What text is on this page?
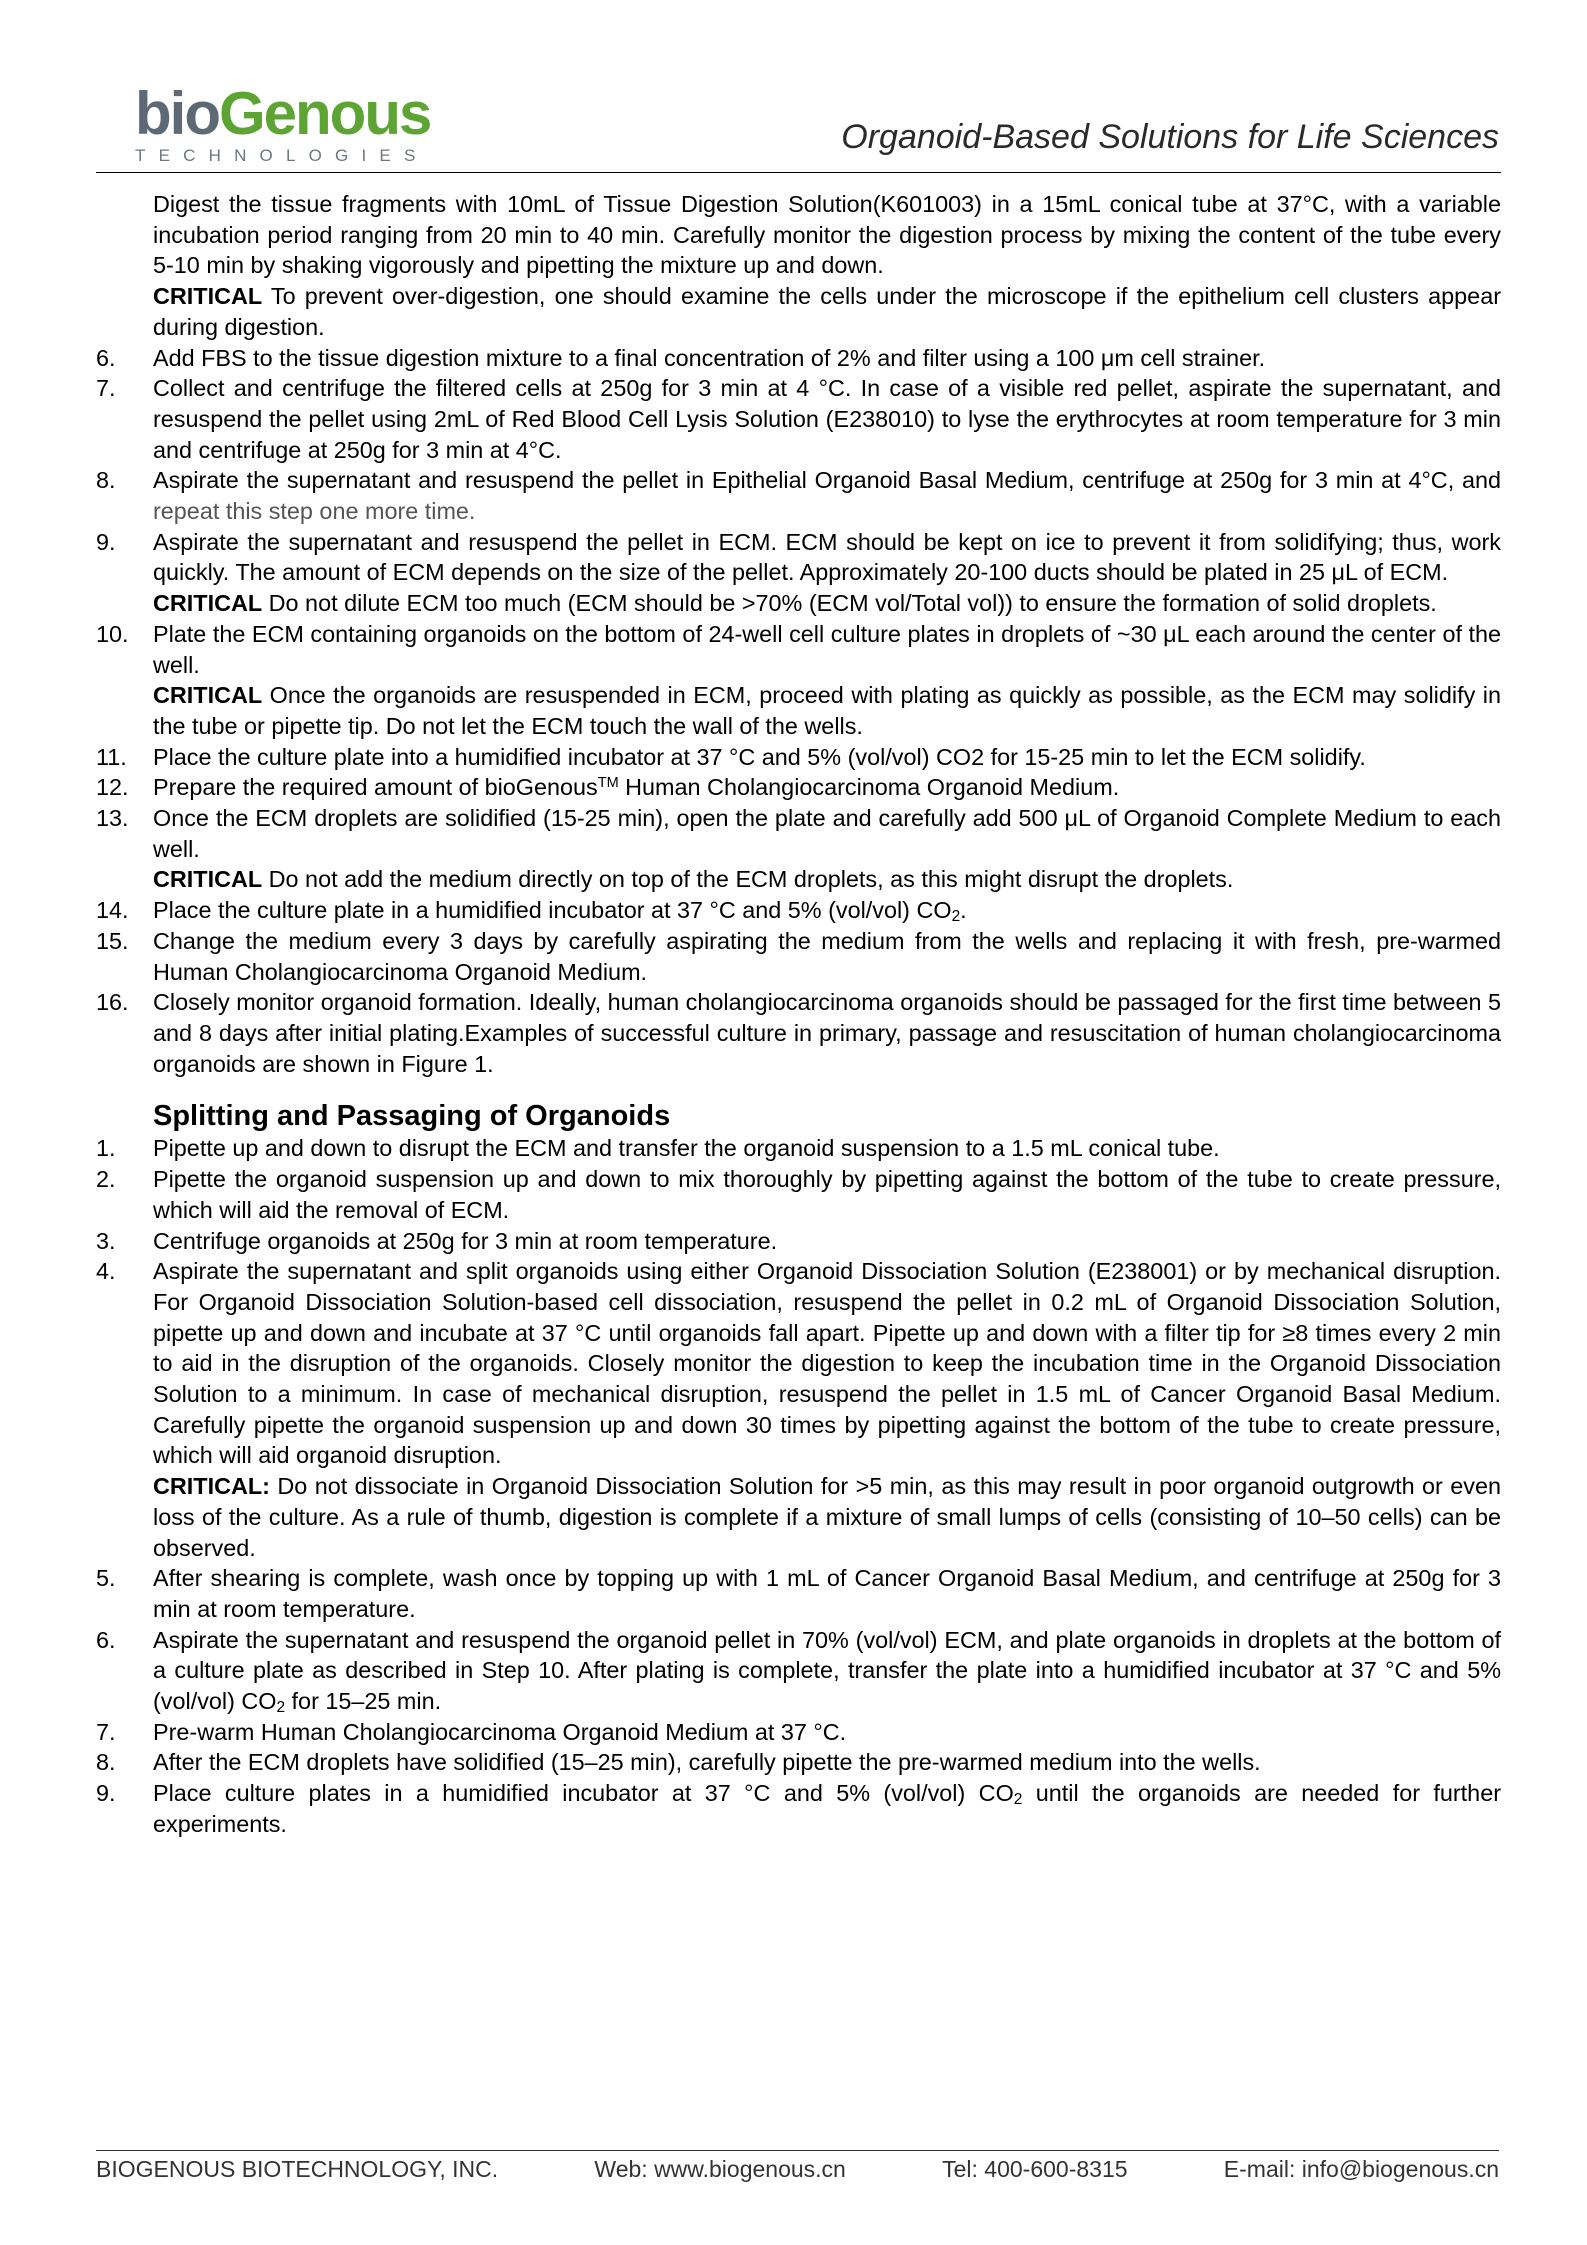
bioGenous
TECHNOLOGIES	Organoid-Based Solutions for Life Sciences
Digest the tissue fragments with 10mL of Tissue Digestion Solution(K601003) in a 15mL conical tube at 37°C, with a variable incubation period ranging from 20 min to 40 min. Carefully monitor the digestion process by mixing the content of the tube every 5-10 min by shaking vigorously and pipetting the mixture up and down.
CRITICAL To prevent over-digestion, one should examine the cells under the microscope if the epithelium cell clusters appear during digestion.
6.	Add FBS to the tissue digestion mixture to a final concentration of 2% and filter using a 100 μm cell strainer.
7.	Collect and centrifuge the filtered cells at 250g for 3 min at 4 °C. In case of a visible red pellet, aspirate the supernatant, and resuspend the pellet using 2mL of Red Blood Cell Lysis Solution (E238010) to lyse the erythrocytes at room temperature for 3 min and centrifuge at 250g for 3 min at 4°C.
8.	Aspirate the supernatant and resuspend the pellet in Epithelial Organoid Basal Medium, centrifuge at 250g for 3 min at 4°C, and repeat this step one more time.
9.	Aspirate the supernatant and resuspend the pellet in ECM. ECM should be kept on ice to prevent it from solidifying; thus, work quickly. The amount of ECM depends on the size of the pellet. Approximately 20-100 ducts should be plated in 25 μL of ECM.
CRITICAL Do not dilute ECM too much (ECM should be >70% (ECM vol/Total vol)) to ensure the formation of solid droplets.
10.	Plate the ECM containing organoids on the bottom of 24-well cell culture plates in droplets of ~30 μL each around the center of the well.
CRITICAL Once the organoids are resuspended in ECM, proceed with plating as quickly as possible, as the ECM may solidify in the tube or pipette tip. Do not let the ECM touch the wall of the wells.
11.	Place the culture plate into a humidified incubator at 37 °C and 5% (vol/vol) CO2 for 15-25 min to let the ECM solidify.
12.	Prepare the required amount of bioGenous™ Human Cholangiocarcinoma Organoid Medium.
13.	Once the ECM droplets are solidified (15-25 min), open the plate and carefully add 500 μL of Organoid Complete Medium to each well.
CRITICAL Do not add the medium directly on top of the ECM droplets, as this might disrupt the droplets.
14.	Place the culture plate in a humidified incubator at 37 °C and 5% (vol/vol) $CO_2$.
15.	Change the medium every 3 days by carefully aspirating the medium from the wells and replacing it with fresh, pre-warmed Human Cholangiocarcinoma Organoid Medium.
16.	Closely monitor organoid formation. Ideally, human cholangiocarcinoma organoids should be passaged for the first time between 5 and 8 days after initial plating.Examples of successful culture in primary, passage and resuscitation of human cholangiocarcinoma organoids are shown in Figure 1.
Splitting and Passaging of Organoids
1.	Pipette up and down to disrupt the ECM and transfer the organoid suspension to a 1.5 mL conical tube.
2.	Pipette the organoid suspension up and down to mix thoroughly by pipetting against the bottom of the tube to create pressure, which will aid the removal of ECM.
3.	Centrifuge organoids at 250g for 3 min at room temperature.
4.	Aspirate the supernatant and split organoids using either Organoid Dissociation Solution (E238001) or by mechanical disruption. For Organoid Dissociation Solution-based cell dissociation, resuspend the pellet in 0.2 mL of Organoid Dissociation Solution, pipette up and down and incubate at 37 °C until organoids fall apart. Pipette up and down with a filter tip for ≥8 times every 2 min to aid in the disruption of the organoids. Closely monitor the digestion to keep the incubation time in the Organoid Dissociation Solution to a minimum. In case of mechanical disruption, resuspend the pellet in 1.5 mL of Cancer Organoid Basal Medium. Carefully pipette the organoid suspension up and down 30 times by pipetting against the bottom of the tube to create pressure, which will aid organoid disruption.
CRITICAL: Do not dissociate in Organoid Dissociation Solution for >5 min, as this may result in poor organoid outgrowth or even loss of the culture. As a rule of thumb, digestion is complete if a mixture of small lumps of cells (consisting of 10–50 cells) can be observed.
5.	After shearing is complete, wash once by topping up with 1 mL of Cancer Organoid Basal Medium, and centrifuge at 250g for 3 min at room temperature.
6.	Aspirate the supernatant and resuspend the organoid pellet in 70% (vol/vol) ECM, and plate organoids in droplets at the bottom of a culture plate as described in Step 10. After plating is complete, transfer the plate into a humidified incubator at 37 °C and 5% (vol/vol) $CO_2$ for 15–25 min.
7.	Pre-warm Human Cholangiocarcinoma Organoid Medium at 37 °C.
8.	After the ECM droplets have solidified (15–25 min), carefully pipette the pre-warmed medium into the wells.
9.	Place culture plates in a humidified incubator at 37 °C and 5% (vol/vol) $CO_2$ until the organoids are needed for further experiments.
BIOGENOUS BIOTECHNOLOGY, INC.	Web: www.biogenous.cn	Tel: 400-600-8315	E-mail: info@biogenous.cn
